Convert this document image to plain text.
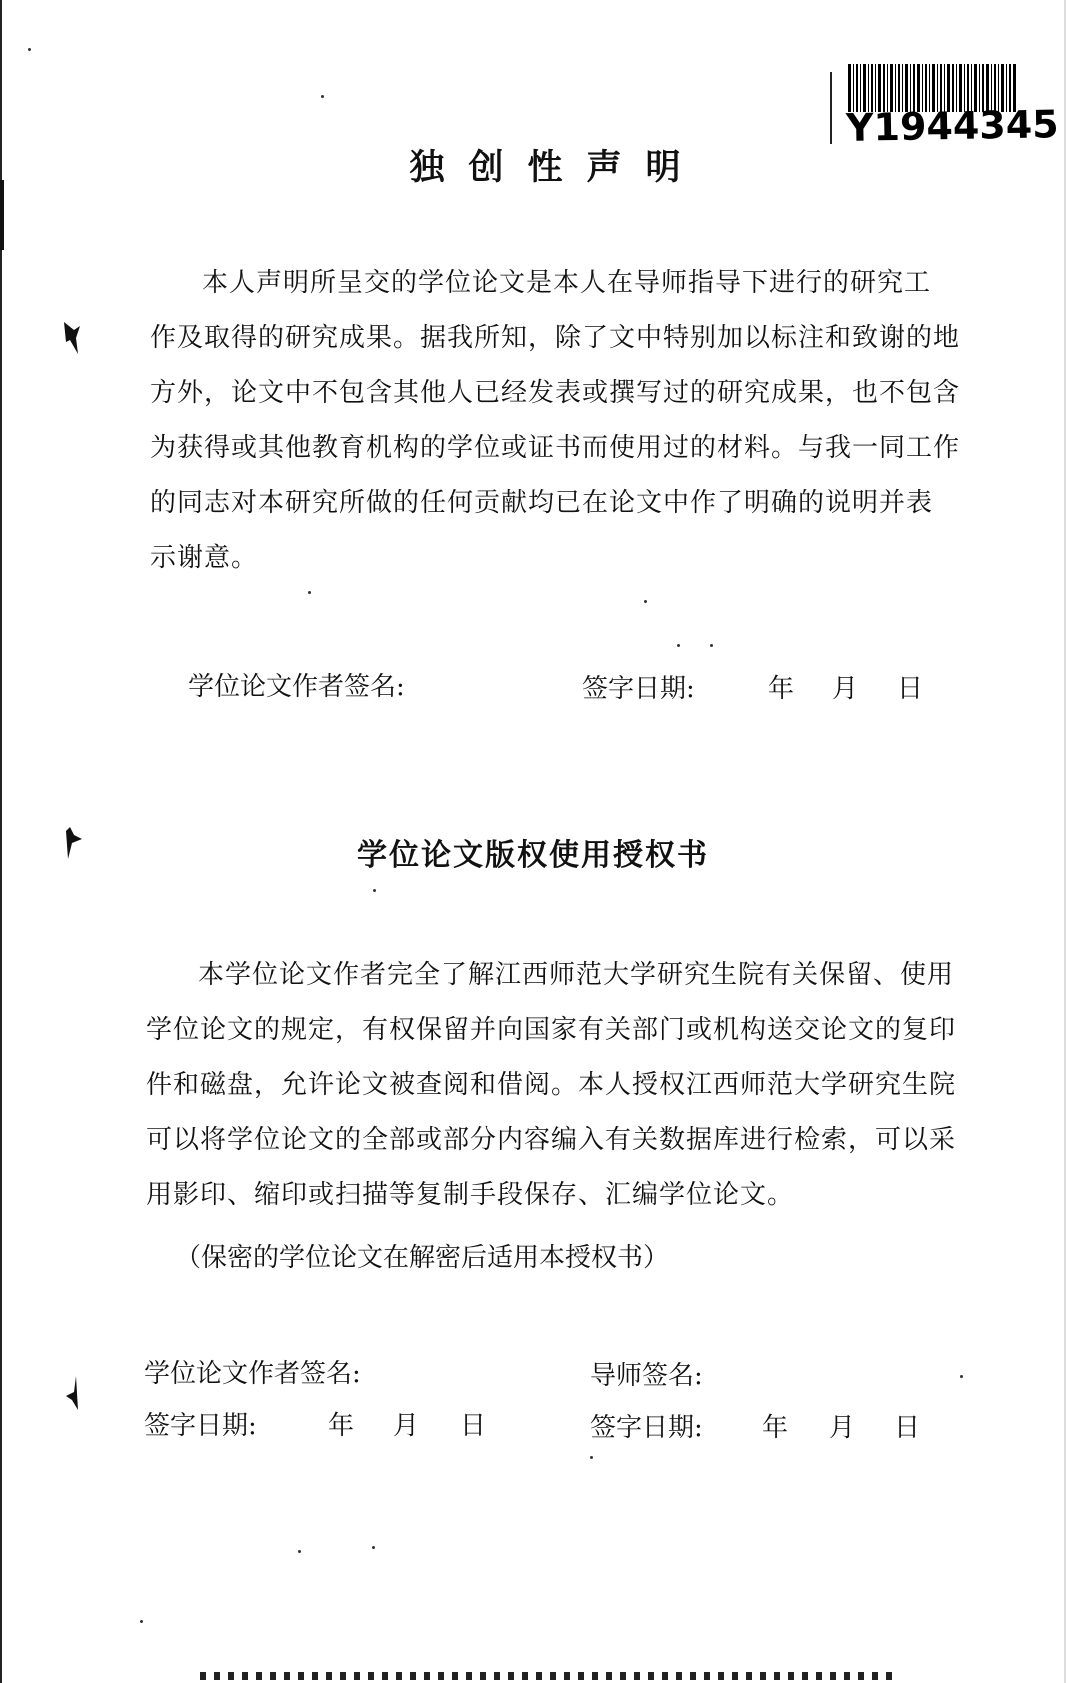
Y1944345
独创性声明
本人声明所呈交的学位论文是本人在导师指导下进行的研究工
作及取得的研究成果。据我所知，除了文中特别加以标注和致谢的地
方外，论文中不包含其他人已经发表或撰写过的研究成果，也不包含
为获得或其他教育机构的学位或证书而使用过的材料。与我一同工作
的同志对本研究所做的任何贡献均已在论文中作了明确的说明并表
示谢意。
学位论文作者签名:	签字日期:	年 月 日
学位论文版权使用授权书
本学位论文作者完全了解江西师范大学研究生院有关保留、使用
学位论文的规定，有权保留并向国家有关部门或机构送交论文的复印
件和磁盘，允许论文被查阅和借阅。本人授权江西师范大学研究生院
可以将学位论文的全部或部分内容编入有关数据库进行检索，可以采
用影印、缩印或扫描等复制手段保存、汇编学位论文。
（保密的学位论文在解密后适用本授权书）
学位论文作者签名:	导师签名:
签字日期:	年 月 日	签字日期: 年 月 日
